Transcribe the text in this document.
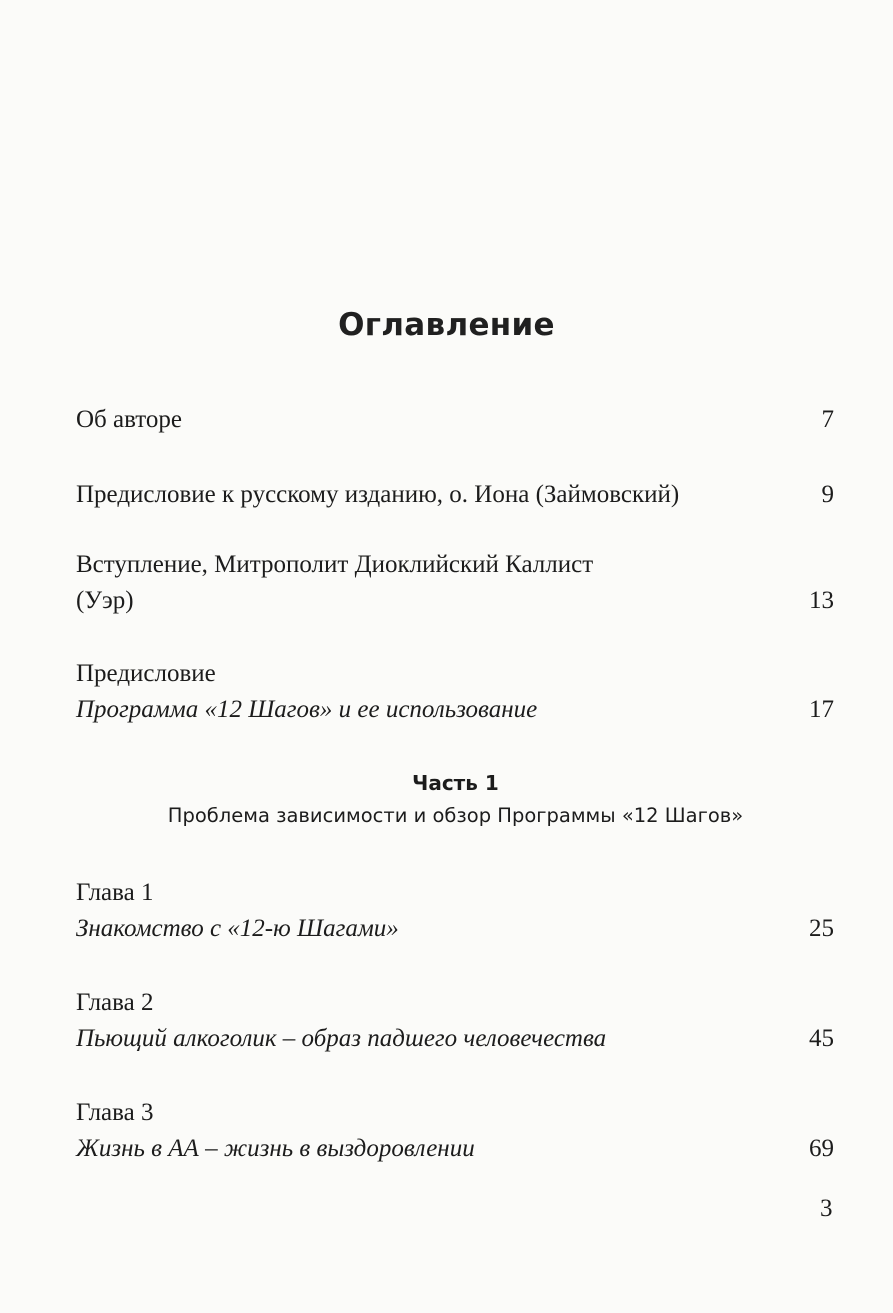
Оглавление
Об авторе	7
Предисловие к русскому изданию, о. Иона (Займовский)	9
Вступление, Митрополит Диоклийский Каллист
(Уэр)	13
Предисловие
Программа «12 Шагов» и ее использование	17
Часть 1
Проблема зависимости и обзор Программы «12 Шагов»
Глава 1
Знакомство с «12-ю Шагами»	25
Глава 2
Пьющий алкоголик – образ падшего человечества	45
Глава 3
Жизнь в АА – жизнь в выздоровлении	69
3
